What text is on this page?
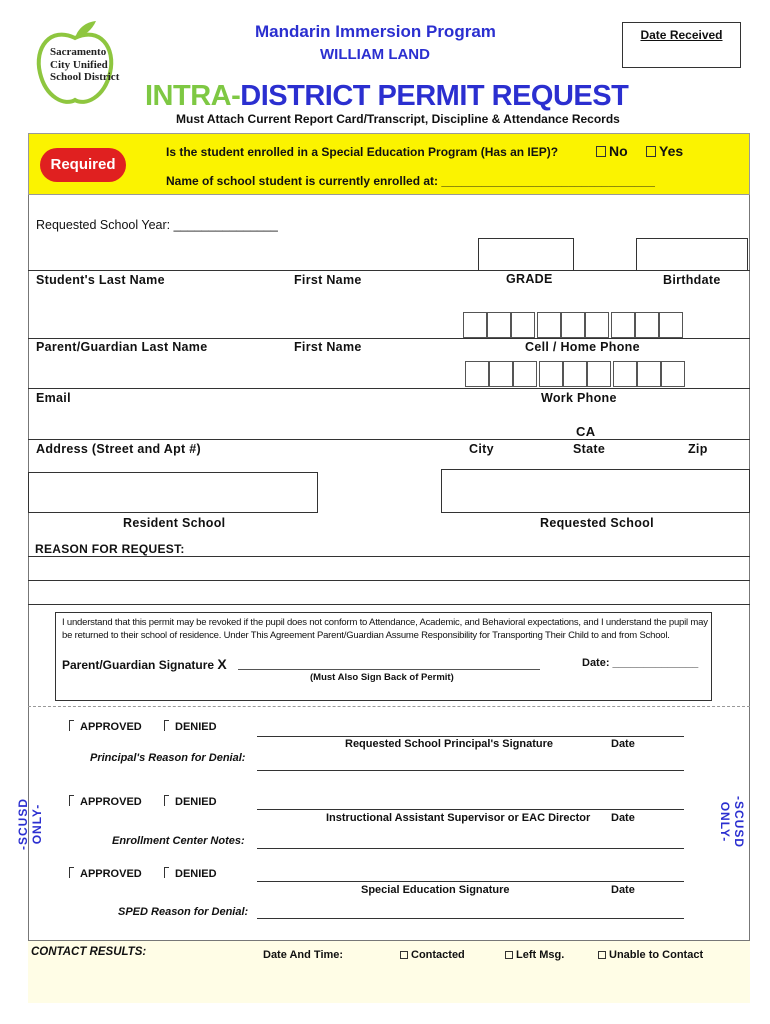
Sacramento
City Unified
School District
Mandarin Immersion Program
WILLIAM LAND
Date Received
INTRA-DISTRICT PERMIT REQUEST
Must Attach Current Report Card/Transcript, Discipline & Attendance Records
Required
Is the student enrolled in a Special Education Program (Has an IEP)?	No	Yes
Name of school student is currently enrolled at: ________________________________
Requested School Year: _______________
Student's Last Name	First Name	GRADE	Birthdate
Parent/Guardian Last Name	First Name	Cell / Home Phone
Email	Work Phone
CA
Address (Street and Apt #)	City	State	Zip
Resident School	Requested School
REASON FOR REQUEST:
I understand that this permit may be revoked if the pupil does not conform to Attendance, Academic, and Behavioral expectations, and I understand the pupil may be returned to their school of residence. Under This Agreement Parent/Guardian Assume Responsibility for Transporting Their Child to and from School.
Parent/Guardian Signature X	Date: ______________
(Must Also Sign Back of Permit)
-SCUSD ONLY-	-SCUSD ONLY-
APPROVED	DENIED
Requested School Principal's Signature	Date
Principal's Reason for Denial:
APPROVED	DENIED
Instructional Assistant Supervisor or EAC Director Date
Enrollment Center Notes:
APPROVED	DENIED
Special Education Signature	Date
SPED Reason for Denial:
CONTACT RESULTS:	Date And Time:	Contacted	Left Msg.	Unable to Contact
